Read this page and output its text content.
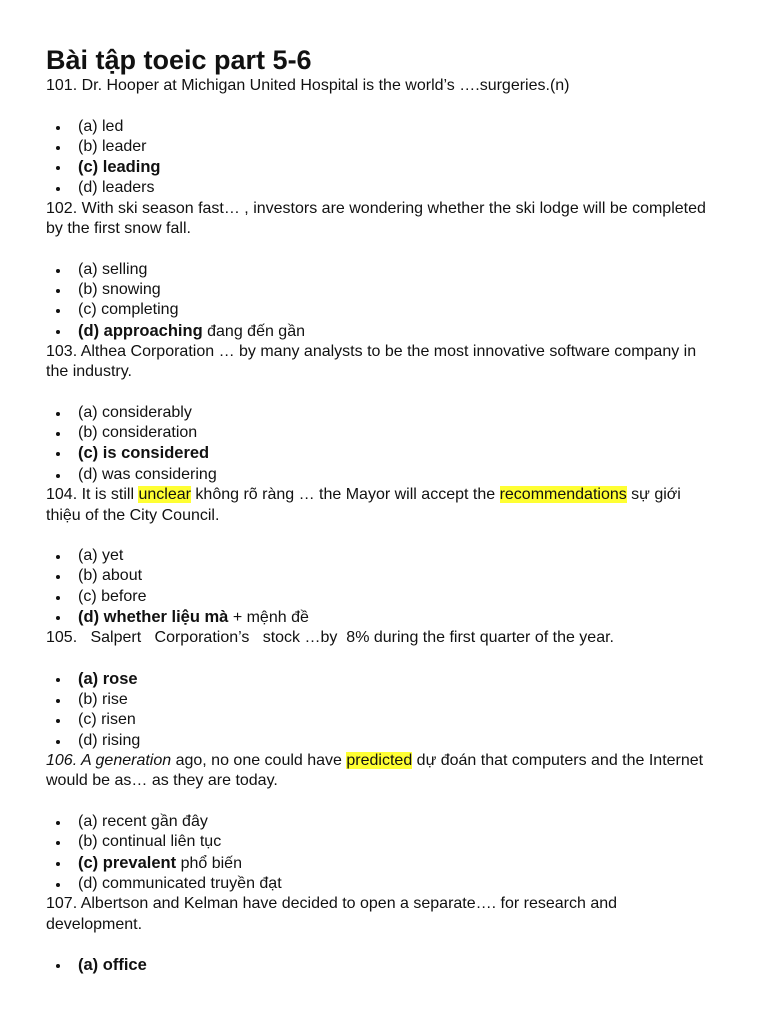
Bài tập toeic part 5-6

101. Dr. Hooper at Michigan United Hospital is the world’s ….surgeries.(n)

(a) led
(b) leader
(c) leading
(d) leaders

102. With ski season fast… , investors are wondering whether the ski lodge will be completed by the first snow fall.

(a) selling
(b) snowing
(c) completing
(d) approaching đang đến gần

103. Althea Corporation … by many analysts to be the most innovative software company in the industry.

(a) considerably
(b) consideration
(c) is considered
(d) was considering

104. It is still unclear không rõ ràng … the Mayor will accept the recommendations sự giới thiệu of the City Council.

(a) yet
(b) about
(c) before
(d) whether liệu mà + mệnh đề

105.   Salpert   Corporation’s   stock …by  8% during the first quarter of the year.

(a) rose
(b) rise
(c) risen
(d) rising

106. A generation ago, no one could have predicted dự đoán that computers and the Internet would be as… as they are today.

(a) recent gần đây
(b) continual liên tục
(c) prevalent phổ biến
(d) communicated truyền đạt

107. Albertson and Kelman have decided to open a separate…. for research and development.

(a) office
